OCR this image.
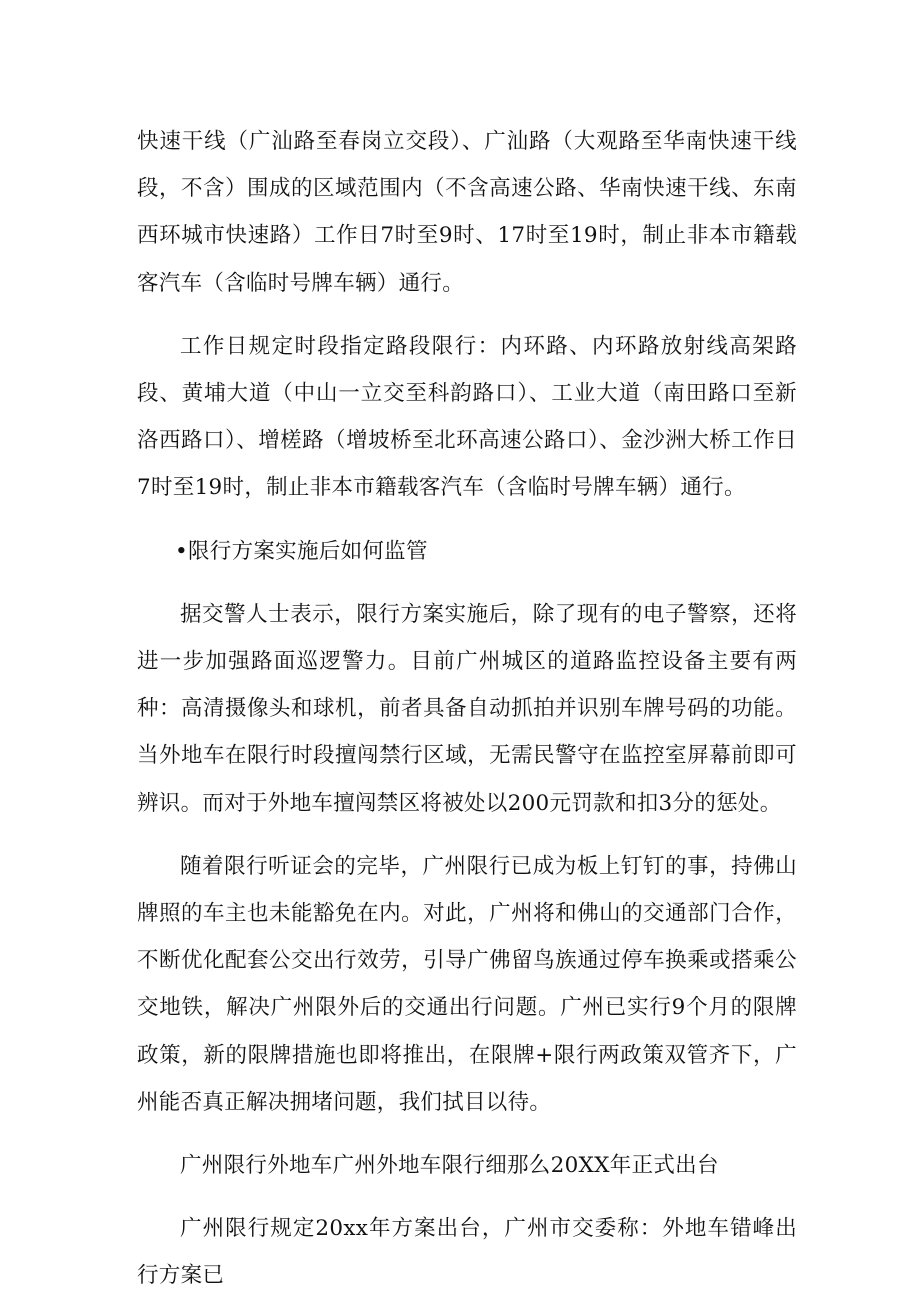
快速干线（广汕路至春岗立交段）、广汕路（大观路至华南快速干线段，不含）围成的区域范围内（不含高速公路、华南快速干线、东南西环城市快速路）工作日7时至9时、17时至19时，制止非本市籍载客汽车（含临时号牌车辆）通行。

工作日规定时段指定路段限行：内环路、内环路放射线高架路段、黄埔大道（中山一立交至科韵路口）、工业大道（南田路口至新洛西路口）、增槎路（增坡桥至北环高速公路口）、金沙洲大桥工作日7时至19时，制止非本市籍载客汽车（含临时号牌车辆）通行。

•限行方案实施后如何监管

据交警人士表示，限行方案实施后，除了现有的电子警察，还将进一步加强路面巡逻警力。目前广州城区的道路监控设备主要有两种：高清摄像头和球机，前者具备自动抓拍并识别车牌号码的功能。当外地车在限行时段擅闯禁行区域，无需民警守在监控室屏幕前即可辨识。而对于外地车擅闯禁区将被处以200元罚款和扣3分的惩处。

随着限行听证会的完毕，广州限行已成为板上钉钉的事，持佛山牌照的车主也未能豁免在内。对此，广州将和佛山的交通部门合作，不断优化配套公交出行效劳，引导广佛留鸟族通过停车换乘或搭乘公交地铁，解决广州限外后的交通出行问题。广州已实行9个月的限牌政策，新的限牌措施也即将推出，在限牌+限行两政策双管齐下，广州能否真正解决拥堵问题，我们拭目以待。

广州限行外地车广州外地车限行细那么20XX年正式出台

广州限行规定20xx年方案出台，广州市交委称：外地车错峰出行方案已
